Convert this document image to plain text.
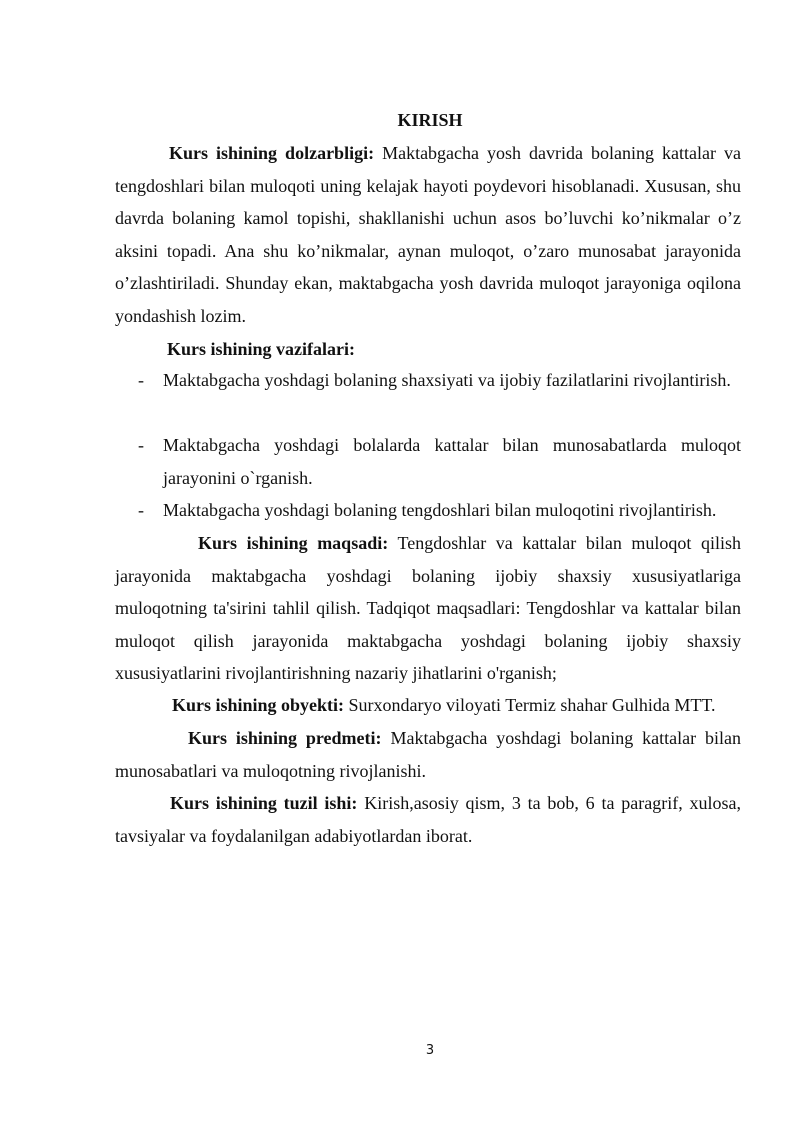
KIRISH

Kurs ishining dolzarbligi: Maktabgacha yosh davrida bolaning kattalar va tengdoshlari bilan muloqoti uning kelajak hayoti poydevori hisoblanadi. Xususan, shu davrda bolaning kamol topishi, shakllanishi uchun asos bo’luvchi ko’nikmalar o’z aksini topadi. Ana shu ko’nikmalar, aynan muloqot, o’zaro munosabat jarayonida o’zlashtiriladi. Shunday ekan, maktabgacha yosh davrida muloqot jarayoniga oqilona yondashish lozim.

Kurs ishining vazifalari:
- Maktabgacha yoshdagi bolaning shaxsiyati va ijobiy fazilatlarini rivojlantirish.
- Maktabgacha yoshdagi bolalarda kattalar bilan munosabatlarda muloqot jarayonini o`rganish.
- Maktabgacha yoshdagi bolaning tengdoshlari bilan muloqotini rivojlantirish.

Kurs ishining maqsadi: Tengdoshlar va kattalar bilan muloqot qilish jarayonida maktabgacha yoshdagi bolaning ijobiy shaxsiy xususiyatlariga muloqotning ta'sirini tahlil qilish. Tadqiqot maqsadlari: Tengdoshlar va kattalar bilan muloqot qilish jarayonida maktabgacha yoshdagi bolaning ijobiy shaxsiy xususiyatlarini rivojlantirishning nazariy jihatlarini o'rganish;

Kurs ishining obyekti: Surxondaryo viloyati Termiz shahar Gulhida MTT.

Kurs ishining predmeti: Maktabgacha yoshdagi bolaning kattalar bilan munosabatlari va muloqotning rivojlanishi.

Kurs ishining tuzil ishi: Kirish,asosiy qism, 3 ta bob, 6 ta paragrif, xulosa, tavsiyalar va foydalanilgan adabiyotlardan iborat.

3
